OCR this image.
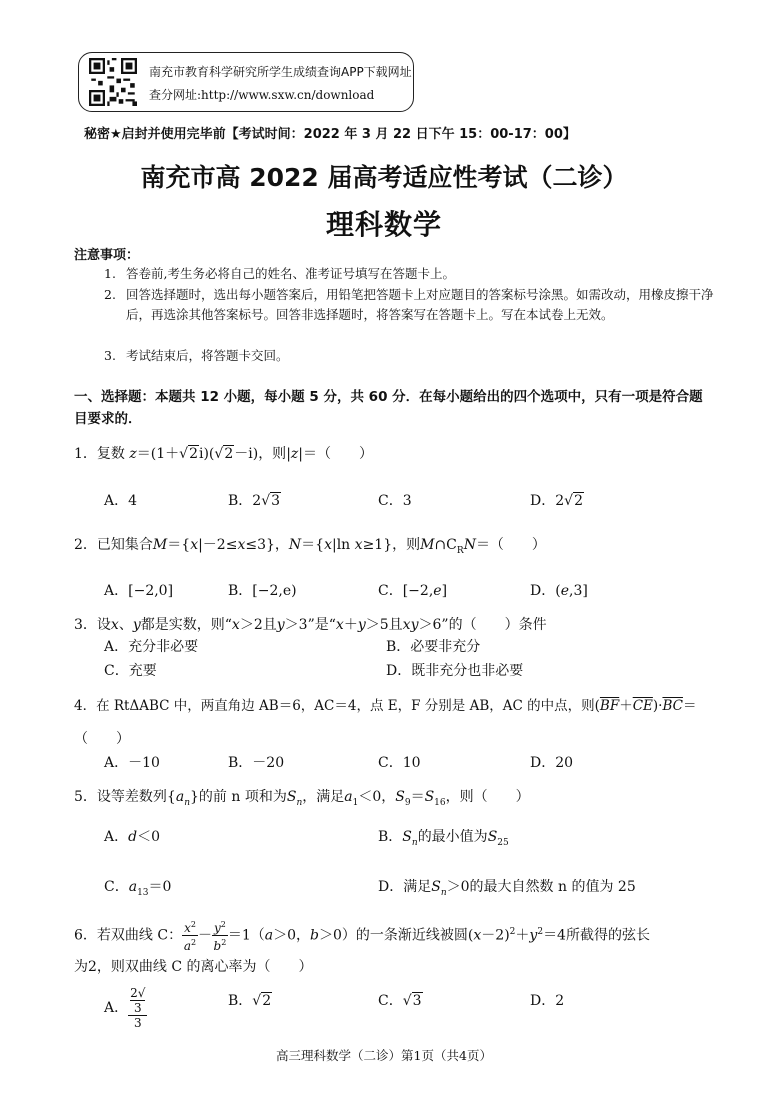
南充市教育科学研究所学生成绩查询APP下载网址
查分网址:http://www.sxw.cn/download
秘密★启封并使用完毕前【考试时间：2022 年 3 月 22 日下午 15：00-17：00】
南充市高 2022 届高考适应性考试（二诊）
理科数学
注意事项：
1. 答卷前,考生务必将自己的姓名、准考证号填写在答题卡上。
2. 回答选择题时，选出每小题答案后，用铅笔把答题卡上对应题目的答案标号涂黑。如需改动，用橡皮擦干净后，再选涂其他答案标号。回答非选择题时，将答案写在答题卡上。写在本试卷上无效。
3. 考试结束后，将答题卡交回。
一、选择题：本题共 12 小题，每小题 5 分，共 60 分．在每小题给出的四个选项中，只有一项是符合题目要求的．
1．复数 z＝(1＋√2i)(√2－i)，则|z|＝（　　）
A．4	B．2√3	C．3	D．2√2
2．已知集合M＝{x|－2≤x≤3}，N＝{x|ln x≥1}，则$M\cap C_RN=$（　　）
A．[−2,0]	B．[−2,e)	C．[−2,e]	D．(e,3]
3．设x、y都是实数，则“x＞2且y＞3”是“x＋y＞5且xy＞6”的（　　）条件
A．充分非必要	B．必要非充分
C．充要	D．既非充分也非必要
4．在 RtΔABC 中，两直角边 AB＝6，AC＝4，点 E，F 分别是 AB，AC 的中点，则$(\overline{BF}+\overline{CE})\cdot\overline{BC}=$
（　　）
A．－10	B．－20	C．10	D．20
5．设等差数列$\{a_n\}$的前 n 项和为$S_n$，满足$a_1<0$，$S_9=S_{16}$，则（　　）
A．d＜0	B．$S_n$的最小值为$S_{25}$
C．$a_{13}=0$	D．满足$S_n>0$的最大自然数 n 的值为 25
6．若双曲线 C： $\frac{x^2}{a^2} - \frac{y^2}{b^2} =1(a>0$，b＞0）的一条渐近线被圆$(x-2)^2+y^2=4$所截得的弦长
为2，则双曲线 C 的离心率为（　　）
A． 2√
3
3	B．√2	C．√3	D．2
高三理科数学（二诊）第1页（共4页）
